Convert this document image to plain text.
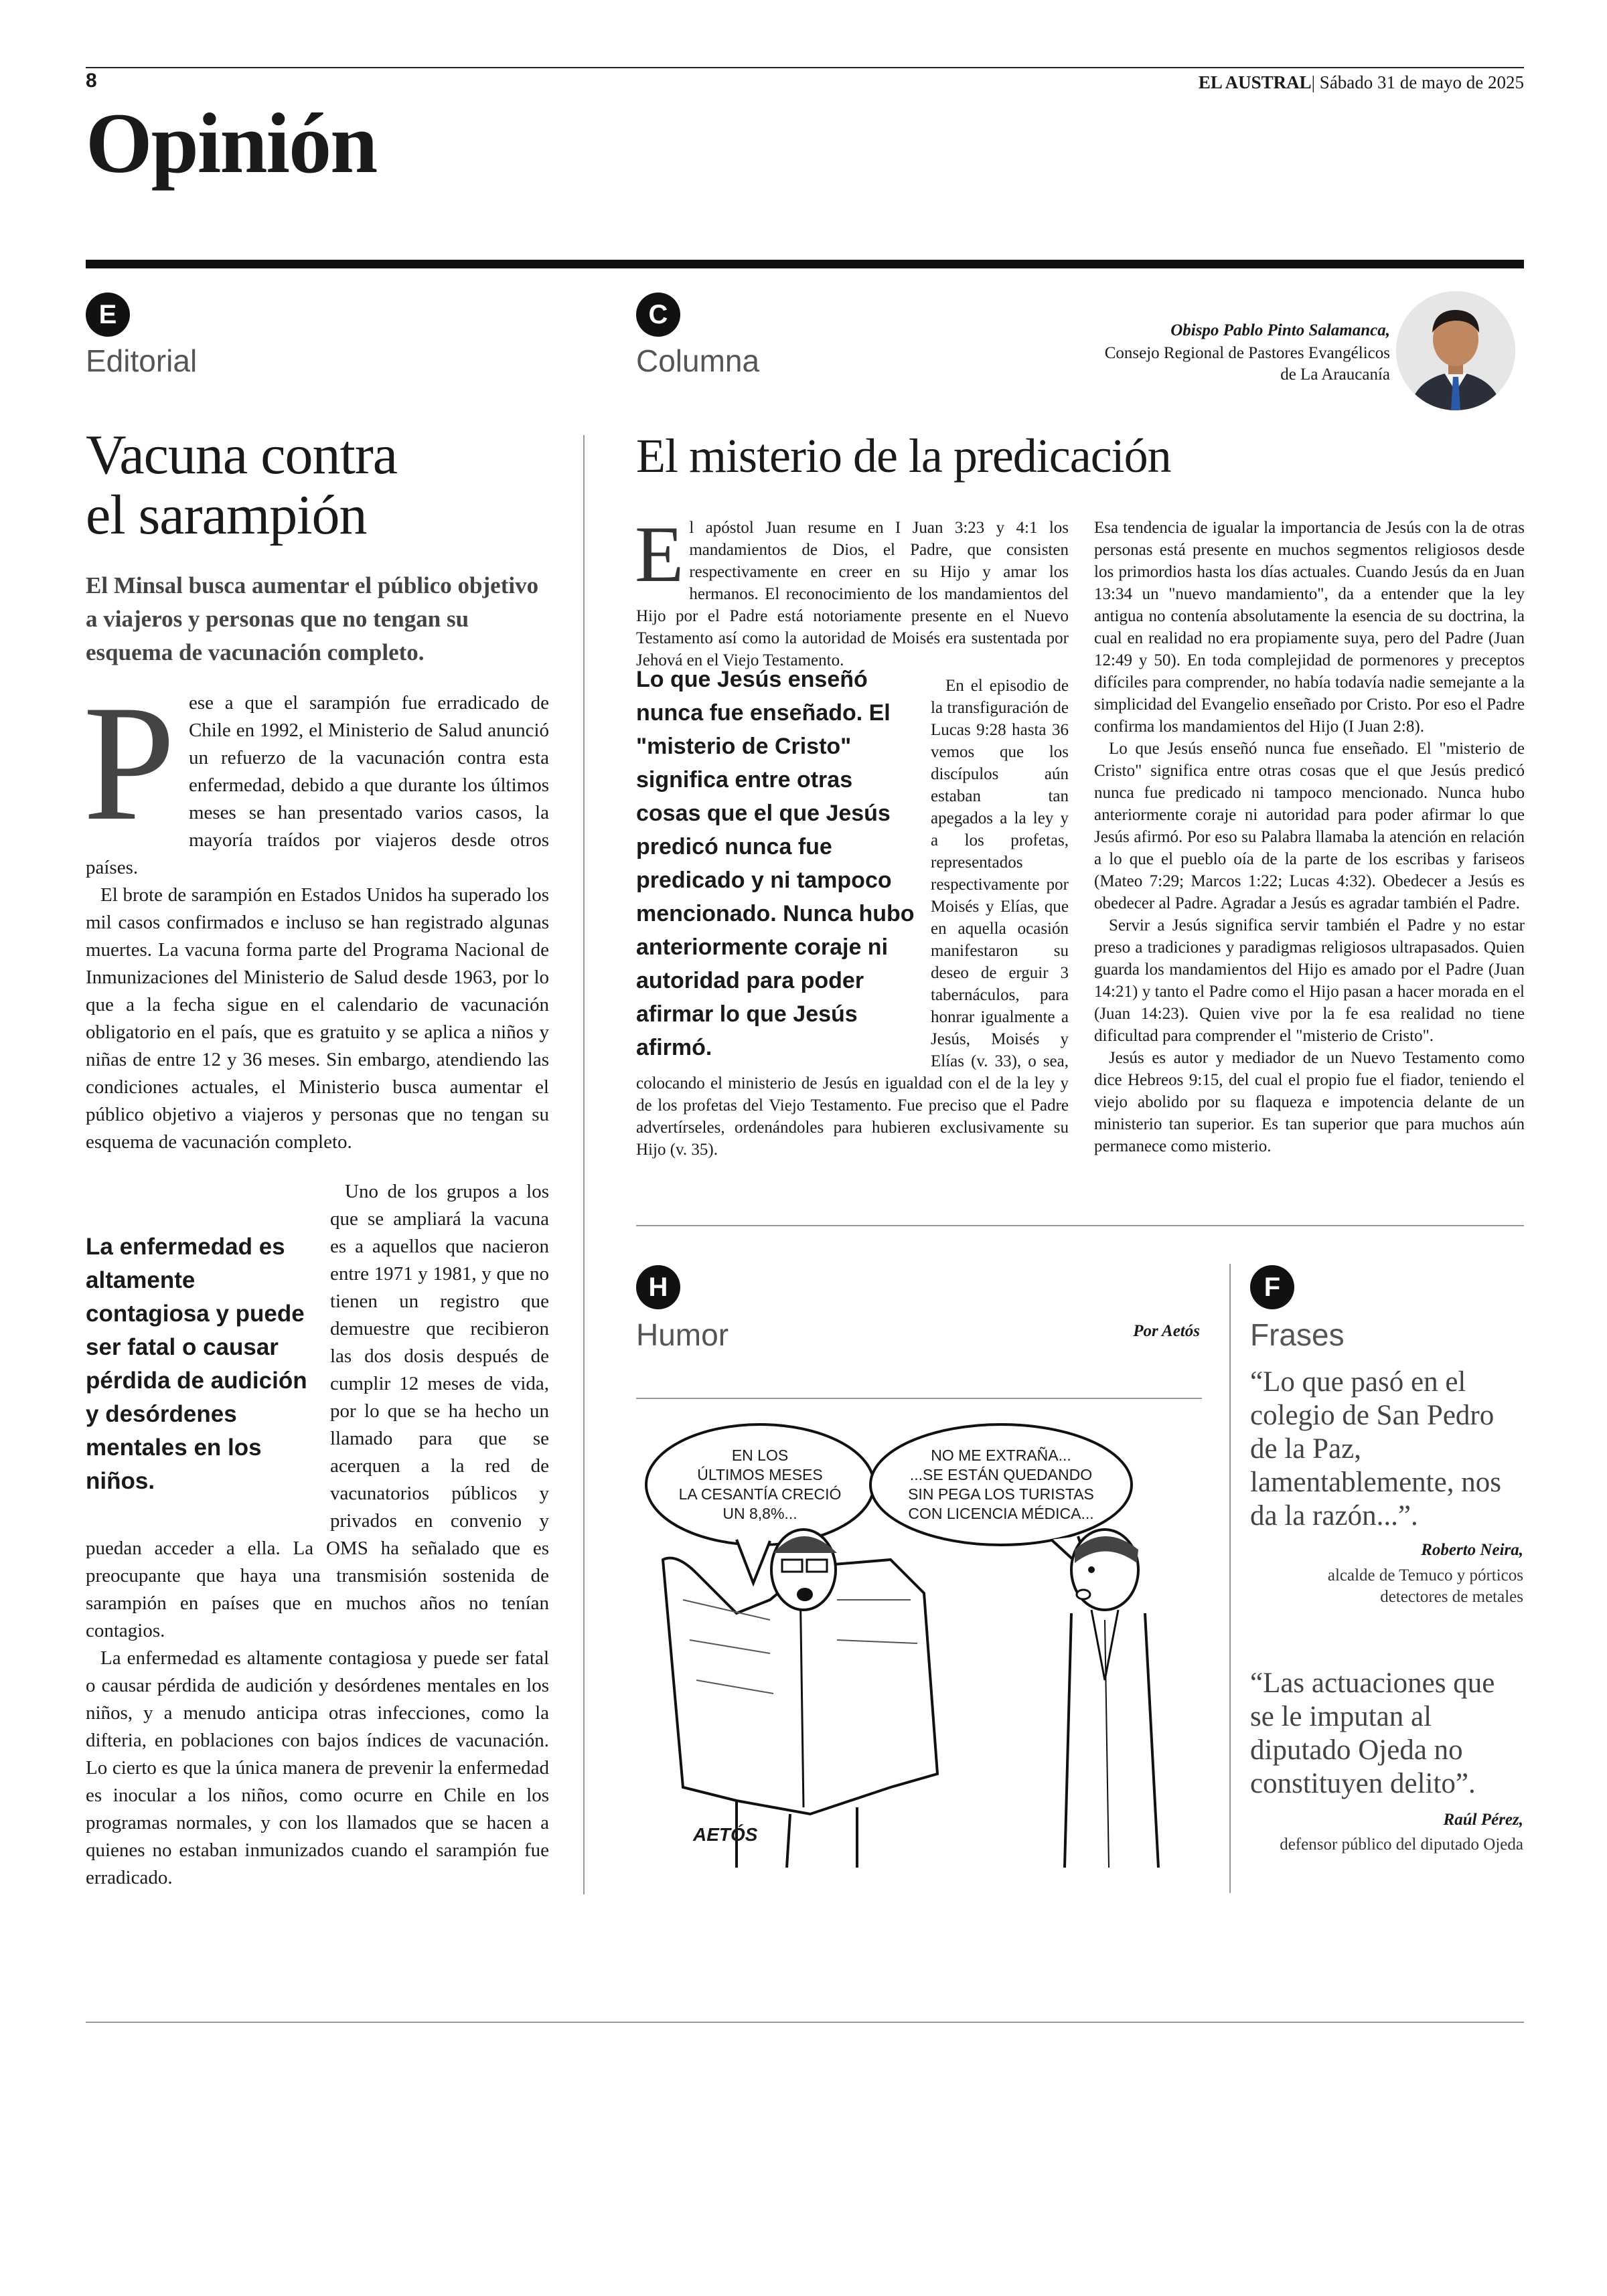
8	EL AUSTRAL| Sábado 31 de mayo de 2025
Opinión
E
Editorial
Vacuna contra
el sarampión
El Minsal busca aumentar el público objetivo a viajeros y personas que no tengan su esquema de vacunación completo.

Pese a que el sarampión fue erradicado de Chile en 1992, el Ministerio de Salud anunció un refuerzo de la vacunación contra esta enfermedad, debido a que durante los últimos meses se han presentado varios casos, la mayoría traídos por viajeros desde otros países.

El brote de sarampión en Estados Unidos ha superado los mil casos confirmados e incluso se han registrado algunas muertes. La vacuna forma parte del Programa Nacional de Inmunizaciones del Ministerio de Salud desde 1963, por lo que a la fecha sigue en el calendario de vacunación obligatorio en el país, que es gratuito y se aplica a niños y niñas de entre 12 y 36 meses. Sin embargo, atendiendo las condiciones actuales, el Ministerio busca aumentar el público objetivo a viajeros y personas que no tengan su esquema de vacunación completo.

La enfermedad es altamente contagiosa y puede ser fatal o causar pérdida de audición y desórdenes mentales en los niños.

Uno de los grupos a los que se ampliará la vacuna es a aquellos que nacieron entre 1971 y 1981, y que no tienen un registro que demuestre que recibieron las dos dosis después de cumplir 12 meses de vida, por lo que se ha hecho un llamado para que se acerquen a la red de vacunatorios públicos y privados en convenio y puedan acceder a ella. La OMS ha señalado que es preocupante que haya una transmisión sostenida de sarampión en países que en muchos años no tenían contagios.

La enfermedad es altamente contagiosa y puede ser fatal o causar pérdida de audición y desórdenes mentales en los niños, y a menudo anticipa otras infecciones, como la difteria, en poblaciones con bajos índices de vacunación. Lo cierto es que la única manera de prevenir la enfermedad es inocular a los niños, como ocurre en Chile en los programas normales, y con los llamados que se hacen a quienes no estaban inmunizados cuando el sarampión fue erradicado.

C
Columna
Obispo Pablo Pinto Salamanca,
Consejo Regional de Pastores Evangélicos
de La Araucanía
El misterio de la predicación

El apóstol Juan resume en I Juan 3:23 y 4:1 los mandamientos de Dios, el Padre, que consisten respectivamente en creer en su Hijo y amar los hermanos. El reconocimiento de los mandamientos del Hijo por el Padre está notoriamente presente en el Nuevo Testamento así como la autoridad de Moisés era sustentada por Jehová en el Viejo Testamento.

Lo que Jesús enseñó nunca fue enseñado. El "misterio de Cristo" significa entre otras cosas que el que Jesús predicó nunca fue predicado y ni tampoco mencionado. Nunca hubo anteriormente coraje ni autoridad para poder afirmar lo que Jesús afirmó.

En el episodio de la transfiguración de Lucas 9:28 hasta 36 vemos que los discípulos aún estaban tan apegados a la ley y a los profetas, representados respectivamente por Moisés y Elías, que en aquella ocasión manifestaron su deseo de erguir 3 tabernáculos, para honrar igualmente a Jesús, Moisés y Elías (v. 33), o sea, colocando el ministerio de Jesús en igualdad con el de la ley y de los profetas del Viejo Testamento. Fue preciso que el Padre advertírseles, ordenándoles para hubieren exclusivamente su Hijo (v. 35).

Esa tendencia de igualar la importancia de Jesús con la de otras personas está presente en muchos segmentos religiosos desde los primordios hasta los días actuales. Cuando Jesús da en Juan 13:34 un "nuevo mandamiento", da a entender que la ley antigua no contenía absolutamente la esencia de su doctrina, la cual en realidad no era propiamente suya, pero del Padre (Juan 12:49 y 50). En toda complejidad de pormenores y preceptos difíciles para comprender, no había todavía nadie semejante a la simplicidad del Evangelio enseñado por Cristo. Por eso el Padre confirma los mandamientos del Hijo (I Juan 2:8).

Lo que Jesús enseñó nunca fue enseñado. El "misterio de Cristo" significa entre otras cosas que el que Jesús predicó nunca fue predicado ni tampoco mencionado. Nunca hubo anteriormente coraje ni autoridad para poder afirmar lo que Jesús afirmó. Por eso su Palabra llamaba la atención en relación a lo que el pueblo oía de la parte de los escribas y fariseos (Mateo 7:29; Marcos 1:22; Lucas 4:32). Obedecer a Jesús es obedecer al Padre. Agradar a Jesús es agradar también el Padre.

Servir a Jesús significa servir también el Padre y no estar preso a tradiciones y paradigmas religiosos ultrapasados. Quien guarda los mandamientos del Hijo es amado por el Padre (Juan 14:21) y tanto el Padre como el Hijo pasan a hacer morada en el (Juan 14:23). Quien vive por la fe esa realidad no tiene dificultad para comprender el "misterio de Cristo".

Jesús es autor y mediador de un Nuevo Testamento como dice Hebreos 9:15, del cual el propio fue el fiador, teniendo el viejo abolido por su flaqueza e impotencia delante de un ministerio tan superior. Es tan superior que para muchos aún permanece como misterio.

H
Humor	Por Aetós
EN LOS
ÚLTIMOS MESES
LA CESANTÍA CRECIÓ
UN 8,8%...
NO ME EXTRAÑA...
...SE ESTÁN QUEDANDO
SIN PEGA LOS TURISTAS
CON LICENCIA MÉDICA...
AETÓS
F
Frases
“Lo que pasó en el colegio de San Pedro de la Paz, lamentablemente, nos da la razón...”.
Roberto Neira,
alcalde de Temuco y pórticos
detectores de metales
“Las actuaciones que se le imputan al diputado Ojeda no constituyen delito”.
Raúl Pérez,
defensor público del diputado Ojeda
